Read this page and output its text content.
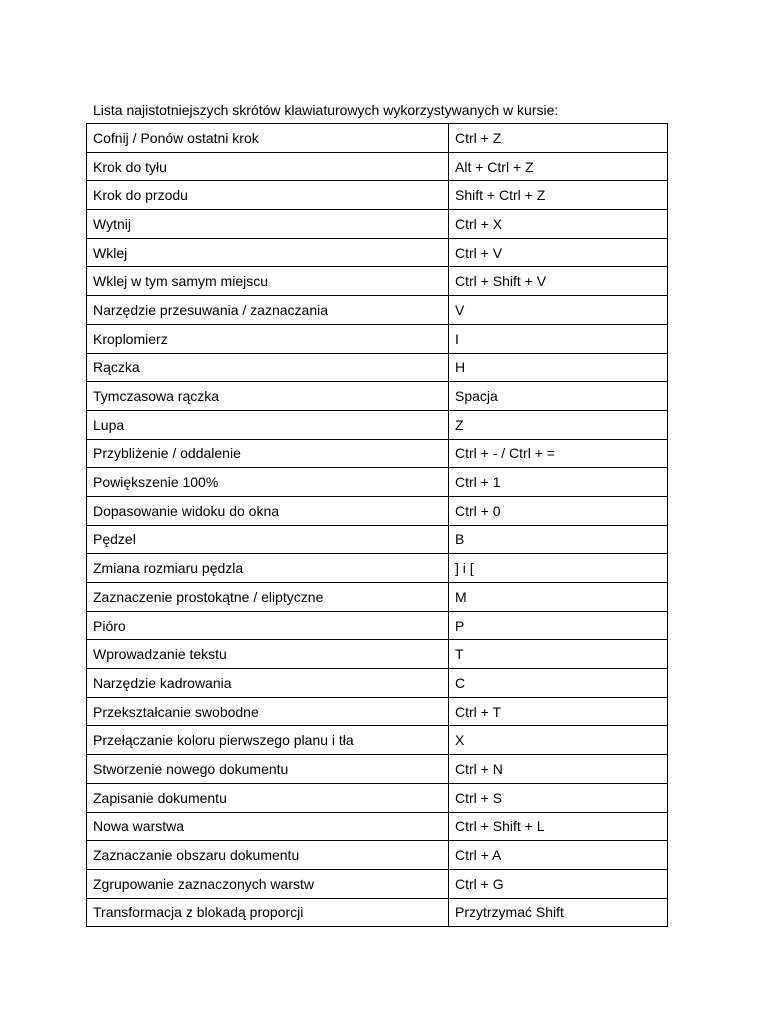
Lista najistotniejszych skrótów klawiaturowych wykorzystywanych w kursie:

Cofnij / Ponów ostatni krok	Ctrl + Z
Krok do tyłu	Alt + Ctrl + Z
Krok do przodu	Shift + Ctrl + Z
Wytnij	Ctrl + X
Wklej	Ctrl + V
Wklej w tym samym miejscu	Ctrl + Shift + V
Narzędzie przesuwania / zaznaczania	V
Kroplomierz	I
Rączka	H
Tymczasowa rączka	Spacja
Lupa	Z
Przybliżenie / oddalenie	Ctrl + - / Ctrl + =
Powiększenie 100%	Ctrl + 1
Dopasowanie widoku do okna	Ctrl + 0
Pędzel	B
Zmiana rozmiaru pędzla	] i [
Zaznaczenie prostokątne / eliptyczne	M
Pióro	P
Wprowadzanie tekstu	T
Narzędzie kadrowania	C
Przekształcanie swobodne	Ctrl + T
Przełączanie koloru pierwszego planu i tła	X
Stworzenie nowego dokumentu	Ctrl + N
Zapisanie dokumentu	Ctrl + S
Nowa warstwa	Ctrl + Shift + L
Zaznaczanie obszaru dokumentu	Ctrl + A
Zgrupowanie zaznaczonych warstw	Ctrl + G
Transformacja z blokadą proporcji	Przytrzymać Shift
